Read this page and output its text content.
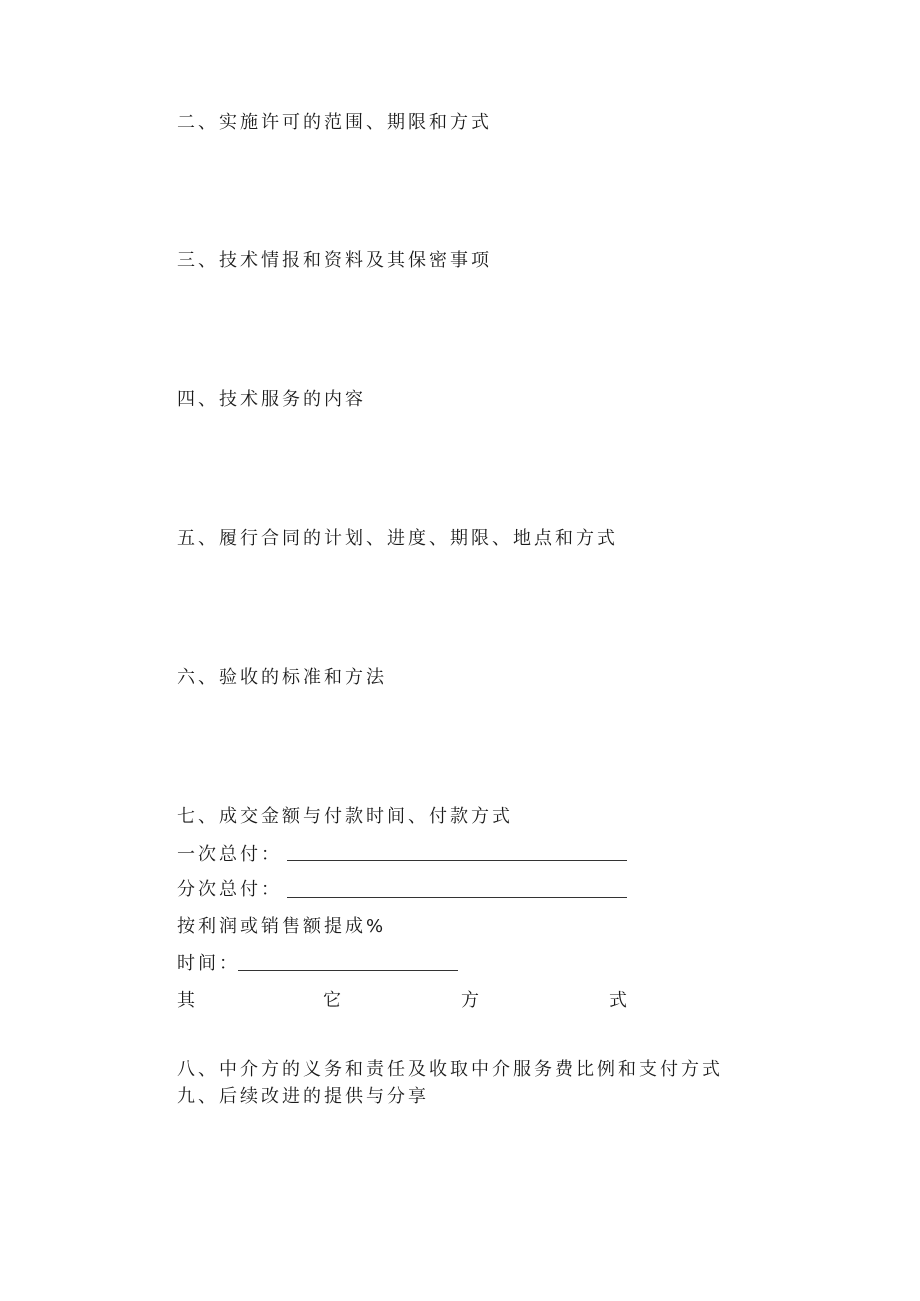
二、实施许可的范围、期限和方式
三、技术情报和资料及其保密事项
四、技术服务的内容
五、履行合同的计划、进度、期限、地点和方式
六、验收的标准和方法
七、成交金额与付款时间、付款方式
一次总付：
分次总付：
按利润或销售额提成%
时间：
其	它	方	式
八、中介方的义务和责任及收取中介服务费比例和支付方式
九、后续改进的提供与分享
